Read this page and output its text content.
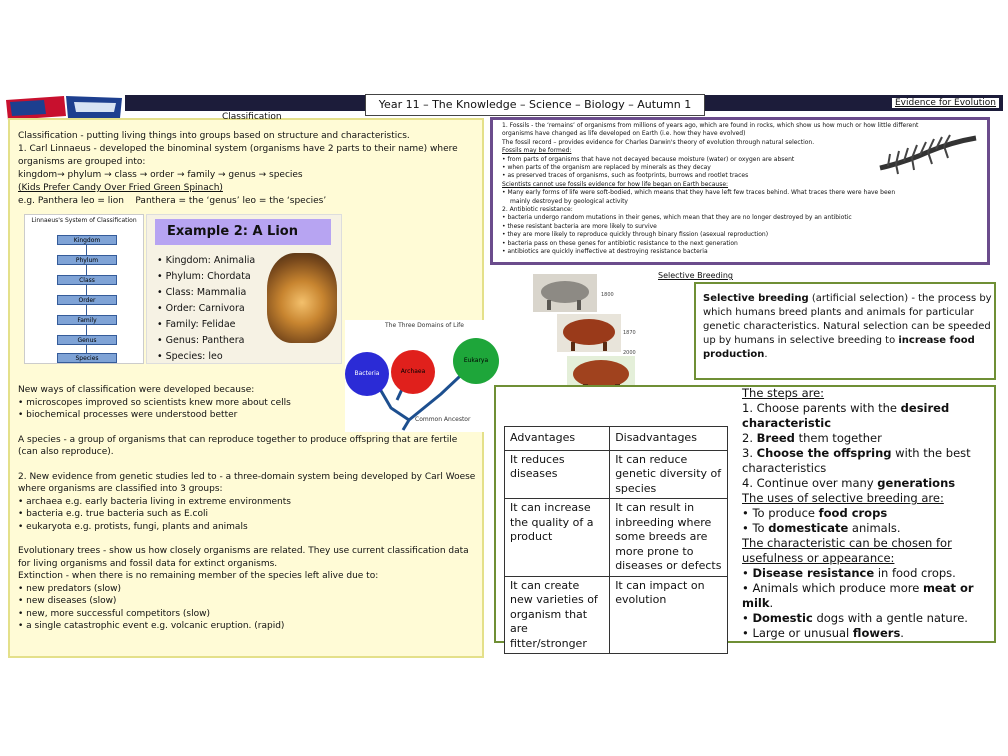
Year 11 – The Knowledge – Science – Biology – Autumn 1	Evidence for Evolution
Classification

Classification - putting living things into groups based on structure and characteristics.

1. Carl Linnaeus - developed the binominal system (organisms have 2 parts to their name) where organisms are grouped into:

kingdom→ phylum → class → order → family → genus → species

(Kids Prefer Candy Over Fried Green Spinach)

e.g. Panthera leo = lion Panthera = the ‘genus’ leo = the ‘species’

Linnaeus's System of Classification
Kingdom
Phylum
Class
Order
Family
Genus
Species
Example 2: A Lion
• Kingdom: Animalia
• Phylum: Chordata
• Class: Mammalia
• Order: Carnivora
• Family: Felidae
• Genus: Panthera
• Species: leo
The Three Domains of Life
Bacteria	Archaea
Eukarya
Common Ancestor

New ways of classification were developed because:

• microscopes improved so scientists knew more about cells

• biochemical processes were understood better

A species - a group of organisms that can reproduce together to produce offspring that are fertile (can also reproduce).

2. New evidence from genetic studies led to - a three-domain system being developed by Carl Woese where organisms are classified into 3 groups:

• archaea e.g. early bacteria living in extreme environments

• bacteria e.g. true bacteria such as E.coli

• eukaryota e.g. protists, fungi, plants and animals

Evolutionary trees - show us how closely organisms are related. They use current classification data for living organisms and fossil data for extinct organisms.

Extinction - when there is no remaining member of the species left alive due to:

• new predators (slow)

• new diseases (slow)

• new, more successful competitors (slow)

• a single catastrophic event e.g. volcanic eruption. (rapid)

1. Fossils - the ‘remains’ of organisms from millions of years ago, which are found in rocks, which show us how much or how little different

organisms have changed as life developed on Earth (i.e. how they have evolved)

The fossil record – provides evidence for Charles Darwin's theory of evolution through natural selection.

Fossils may be formed:

• from parts of organisms that have not decayed because moisture (water) or oxygen are absent

• when parts of the organism are replaced by minerals as they decay

• as preserved traces of organisms, such as footprints, burrows and rootlet traces

Scientists cannot use fossils evidence for how life began on Earth because:

• Many early forms of life were soft-bodied, which means that they have left few traces behind. What traces there were have been

mainly destroyed by geological activity

2. Antibiotic resistance:

• bacteria undergo random mutations in their genes, which mean that they are no longer destroyed by an antibiotic

• these resistant bacteria are more likely to survive

• they are more likely to reproduce quickly through binary fission (asexual reproduction)

• bacteria pass on these genes for antibiotic resistance to the next generation

• antibiotics are quickly ineffective at destroying resistance bacteria

Selective Breeding
1800
1870
2000
Selective breeding (artificial selection) - the process by which humans breed plants and animals for particular genetic characteristics. Natural selection can be speeded up by humans in selective breeding to increase food production.
Advantages	Disadvantages
It reduces diseases	It can reduce genetic diversity of species
It can increase the quality of a product	It can result in inbreeding where some breeds are more prone to diseases or defects
It can create new varieties of organism that are fitter/stronger	It can impact on evolution

The steps are:

1. Choose parents with the desired characteristic

2. Breed them together

3. Choose the offspring with the best characteristics

4. Continue over many generations

The uses of selective breeding are:

• To produce food crops

• To domesticate animals.

The characteristic can be chosen for usefulness or appearance:

• Disease resistance in food crops.

• Animals which produce more meat or milk.

• Domestic dogs with a gentle nature.

• Large or unusual flowers.
